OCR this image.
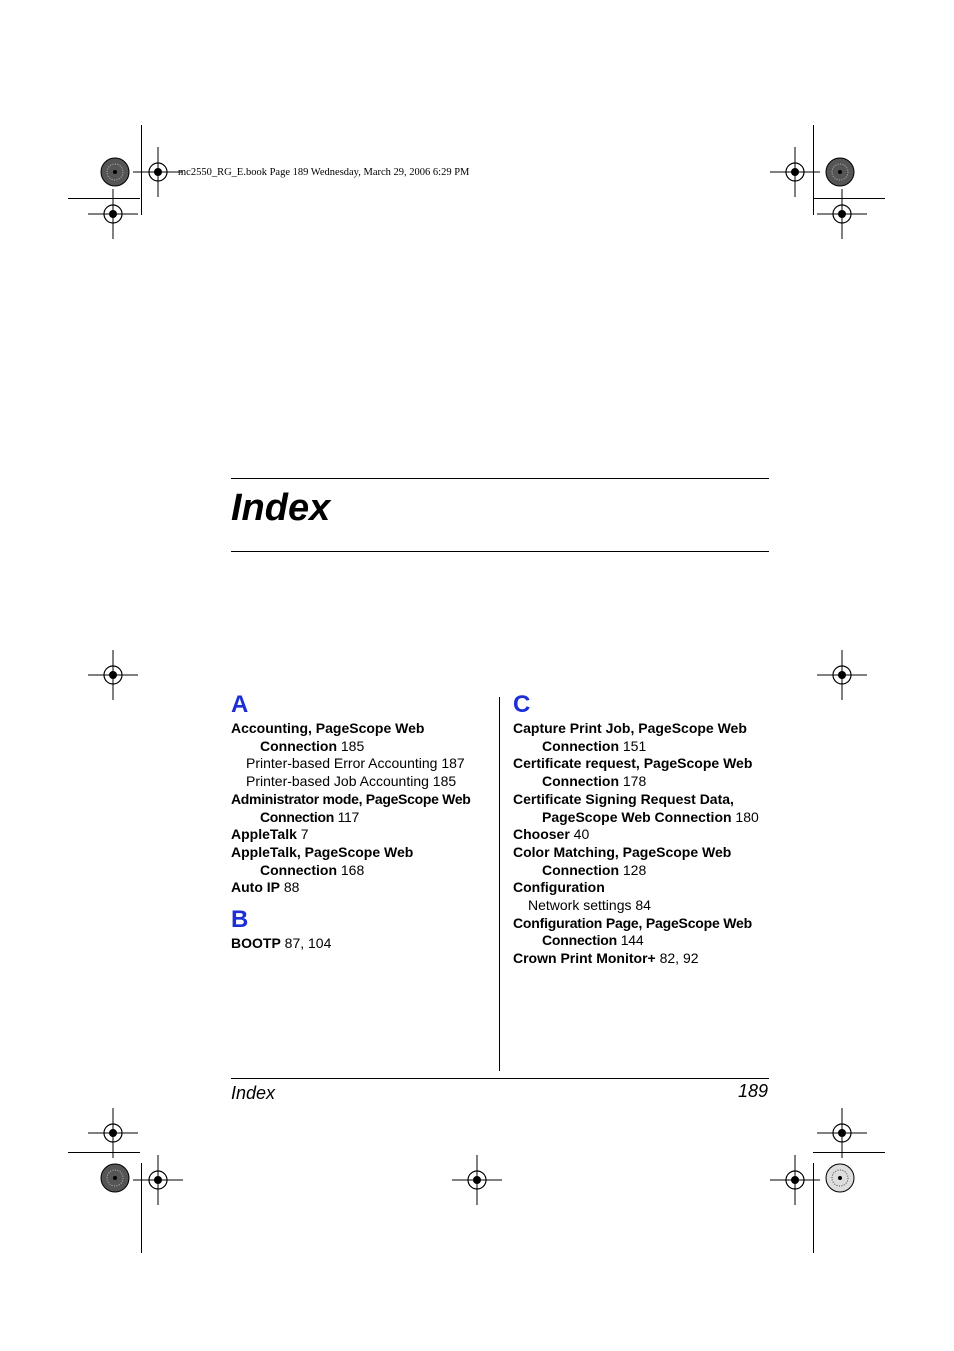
mc2550_RG_E.book Page 189 Wednesday, March 29, 2006 6:29 PM
Index
A
Accounting, PageScope Web
Connection 185
Printer-based Error Accounting 187
Printer-based Job Accounting 185
Administrator mode, PageScope Web
Connection 117
AppleTalk 7
AppleTalk, PageScope Web
Connection 168
Auto IP 88
B
BOOTP 87, 104
C
Capture Print Job, PageScope Web
Connection 151
Certificate request, PageScope Web
Connection 178
Certificate Signing Request Data,
PageScope Web Connection 180
Chooser 40
Color Matching, PageScope Web
Connection 128
Configuration
Network settings 84
Configuration Page, PageScope Web
Connection 144
Crown Print Monitor+ 82, 92
Index	189
